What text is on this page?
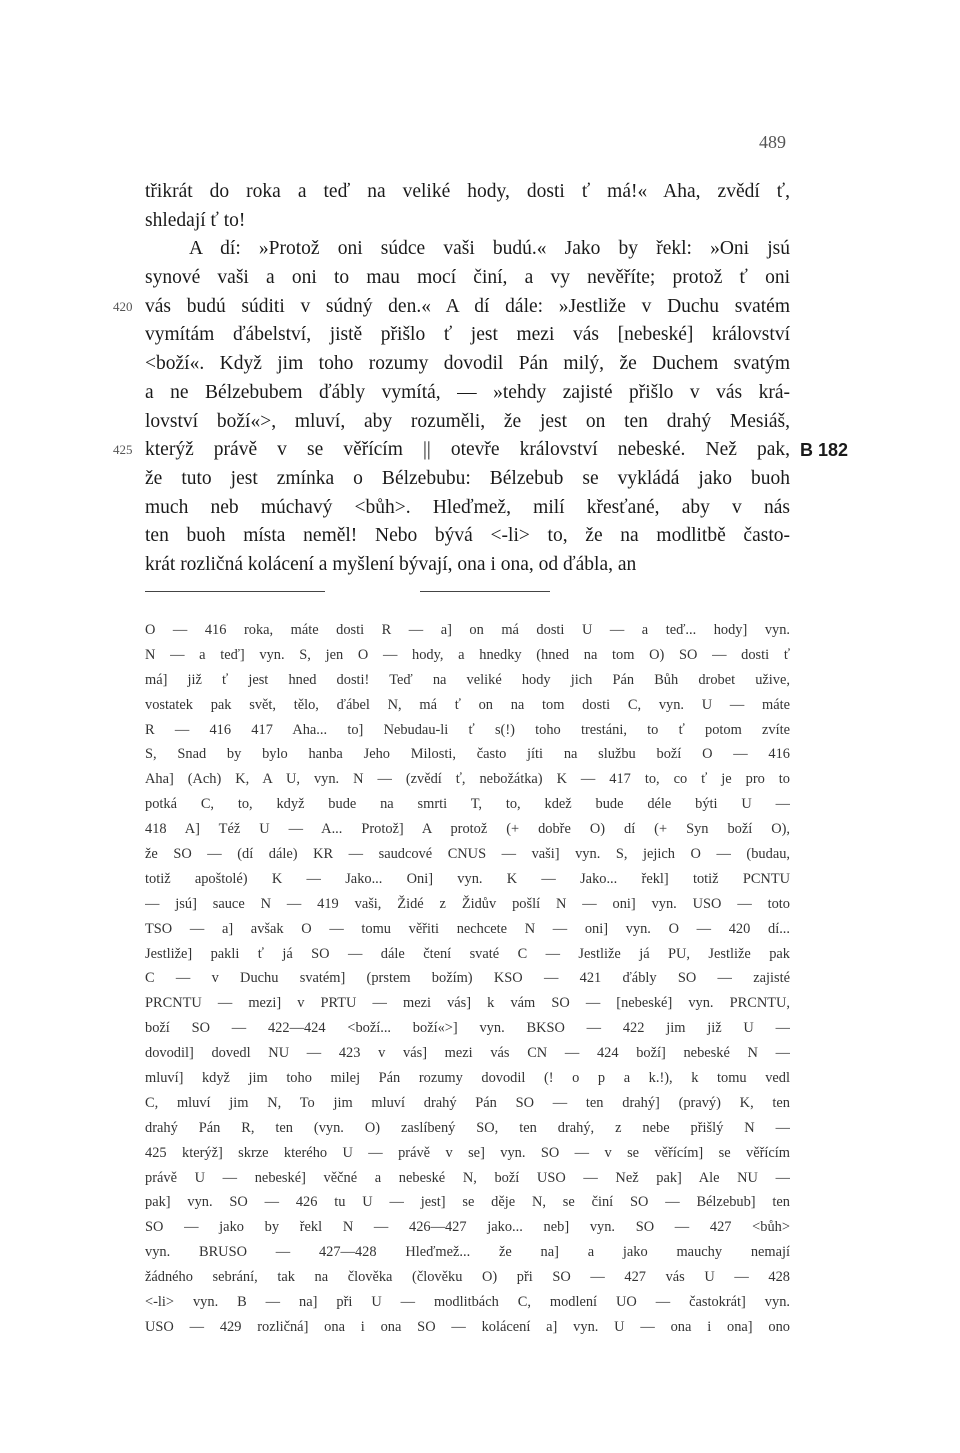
489
třikrát do roka a teď na veliké hody, dosti ť má!« Aha, zvědí ť,
shledají ť to!
A dí: »Protož oni súdce vaši budú.« Jako by řekl: »Oni jsú
synové vaši a oni to mau mocí činí, a vy nevěříte; protož ť oni
vás budú súditi v súdný den.« A dí dále: »Jestliže v Duchu svatém
420
vymítám ďábelství, jistě přišlo ť jest mezi vás [nebeské] království
<boží«. Když jim toho rozumy dovodil Pán milý, že Duchem svatým
a ne Bélzebubem ďábly vymítá, — »tehdy zajisté přišlo v vás krá-
lovství boží«>, mluví, aby rozuměli, že jest on ten drahý Mesiáš,
kterýž právě v se věřícím || otevře království nebeské. Než pak,
425	B 182
že tuto jest zmínka o Bélzebubu: Bélzebub se vykládá jako buoh
much neb múchavý <bůh>. Hleďmež, milí křesťané, aby v nás
ten buoh místa neměl! Nebo bývá <-li> to, že na modlitbě často-
krát rozličná kolácení a myšlení bývají, ona i ona, od ďábla, an
O — 416 roka, máte dosti R — a] on má dosti U — a teď... hody] vyn.
N — a teď] vyn. S, jen O — hody, a hnedky (hned na tom O) SO — dosti ť
má] již ť jest hned dosti! Teď na veliké hody jich Pán Bůh drobet užive,
vostatek pak svět, tělo, ďábel N, má ť on na tom dosti C, vyn. U — máte
R — 416 417 Aha... to] Nebudau-li ť s(!) toho trestáni, to ť potom zvíte
S, Snad by bylo hanba Jeho Milosti, často jíti na službu boží O — 416
Aha] (Ach) K, A U, vyn. N — (zvědí ť, nebožátka) K — 417 to, co ť je pro to
potká C, to, když bude na smrti T, to, kdež bude déle býti U —
418 A] Též U — A... Protož] A protož (+ dobře O) dí (+ Syn boží O),
že SO — (dí dále) KR — saudcové CNUS — vaši] vyn. S, jejich O — (budau,
totiž apoštolé) K — Jako... Oni] vyn. K — Jako... řekl] totiž PCNTU
— jsú] sauce N — 419 vaši, Židé z Židův pošlí N — oni] vyn. USO — toto
TSO — a] avšak O — tomu věřiti nechcete N — oni] vyn. O — 420 dí...
Jestliže] pakli ť já SO — dále čtení svaté C — Jestliže já PU, Jestliže pak
C — v Duchu svatém] (prstem božím) KSO — 421 ďábly SO — zajisté
PRCNTU — mezi] v PRTU — mezi vás] k vám SO — [nebeské] vyn. PRCNTU,
boží SO — 422—424 <boží... boží«>] vyn. BKSO — 422 jim již U —
dovodil] dovedl NU — 423 v vás] mezi vás CN — 424 boží] nebeské N —
mluví] když jim toho milej Pán rozumy dovodil (! o p a k.!), k tomu vedl
C, mluví jim N, To jim mluví drahý Pán SO — ten drahý] (pravý) K, ten
drahý Pán R, ten (vyn. O) zaslíbený SO, ten drahý, z nebe přišlý N —
425 kterýž] skrze kterého U — právě v se] vyn. SO — v se věřícím] se věřícím
právě U — nebeské] věčné a nebeské N, boží USO — Než pak] Ale NU —
pak] vyn. SO — 426 tu U — jest] se děje N, se činí SO — Bélzebub] ten
SO — jako by řekl N — 426—427 jako... neb] vyn. SO — 427 <bůh>
vyn. BRUSO — 427—428 Hleďmež... že na] a jako mauchy nemají
žádného sebrání, tak na člověka (člověku O) při SO — 427 vás U — 428
<-li> vyn. B — na] při U — modlitbách C, modlení UO — častokrát] vyn.
USO — 429 rozličná] ona i ona SO — kolácení a] vyn. U — ona i ona] ono
